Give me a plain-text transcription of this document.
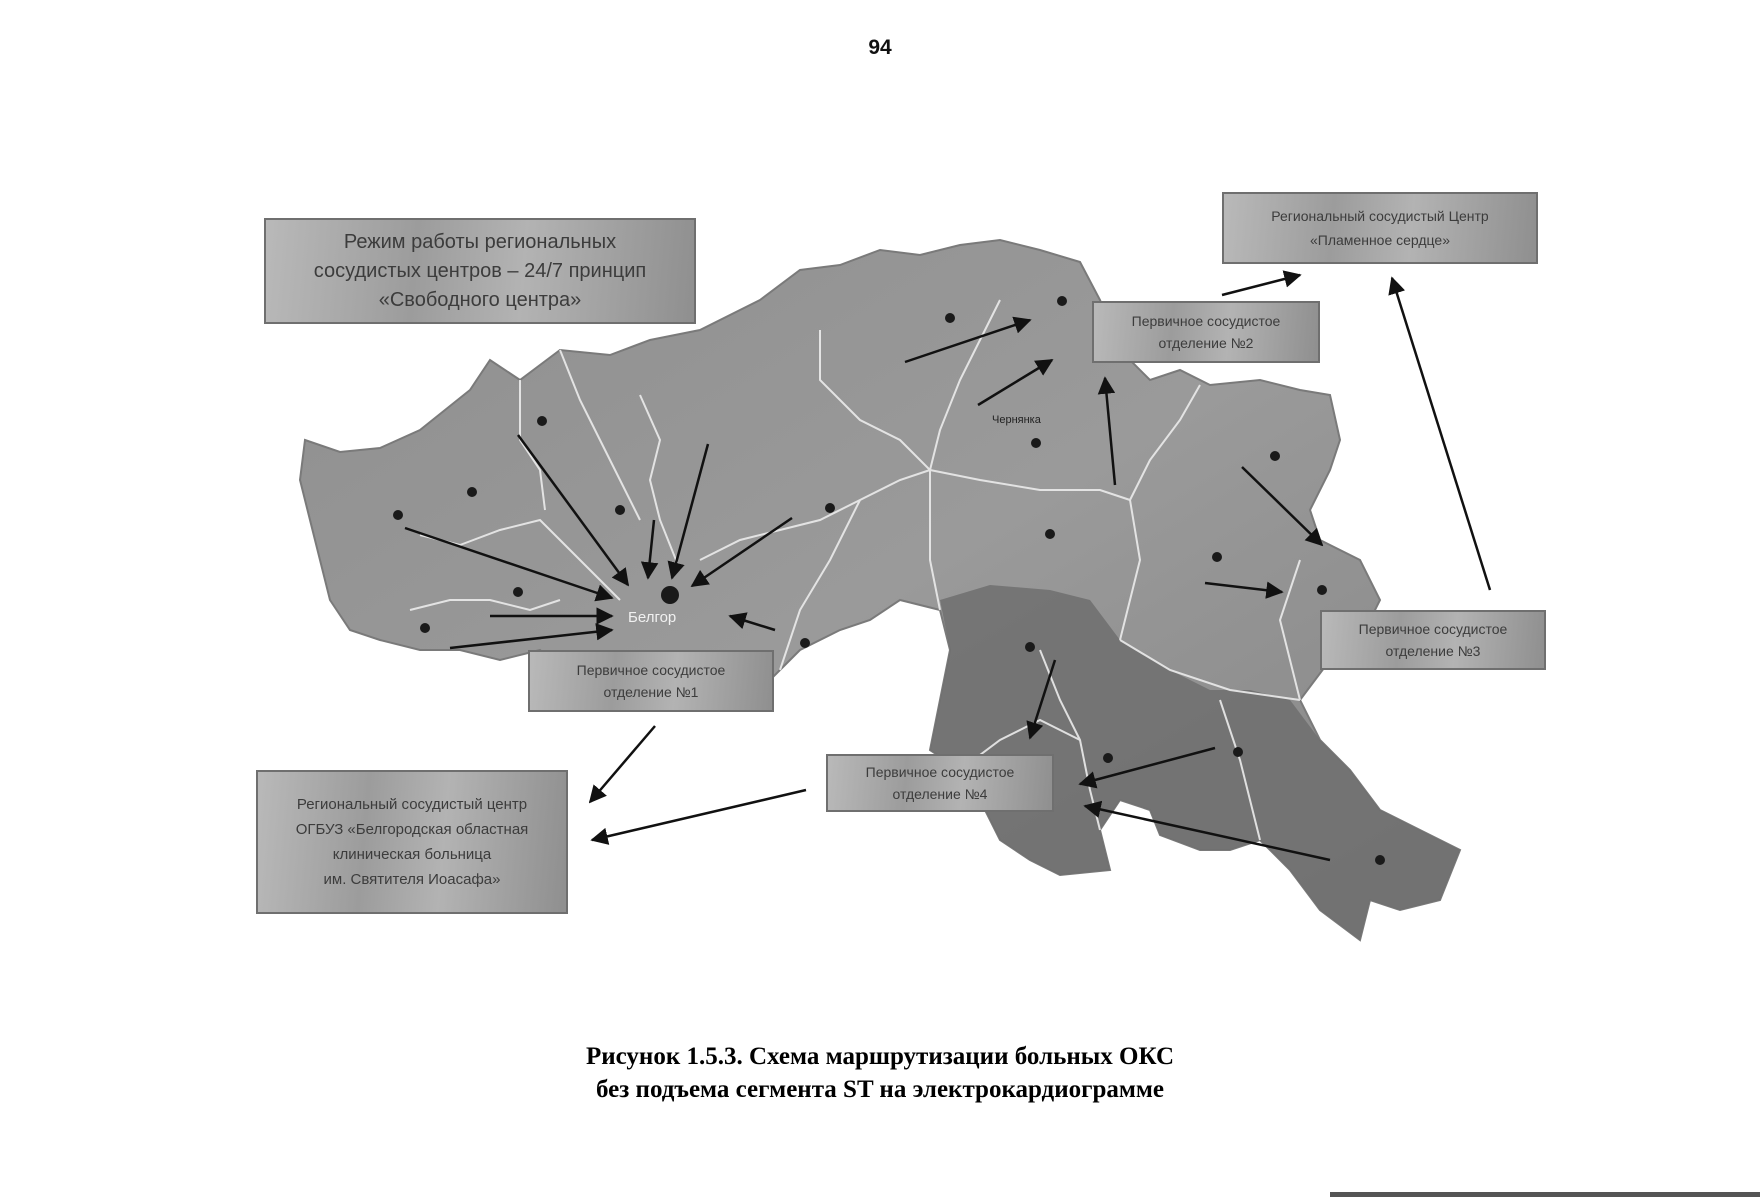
94
Белгор
Чернянка
Режим работы региональных
сосудистых центров – 24/7 принцип
«Свободного центра»
Региональный сосудистый Центр
«Пламенное сердце»
Первичное сосудистое
отделение №2
Первичное сосудистое
отделение №3
Первичное сосудистое
отделение №1
Первичное сосудистое
отделение №4
Региональный сосудистый центр
ОГБУЗ «Белгородская областная
клиническая больница
им. Святителя Иоасафа»
Рисунок 1.5.3. Схема маршрутизации больных ОКС
без подъема сегмента ST на электрокардиограмме
